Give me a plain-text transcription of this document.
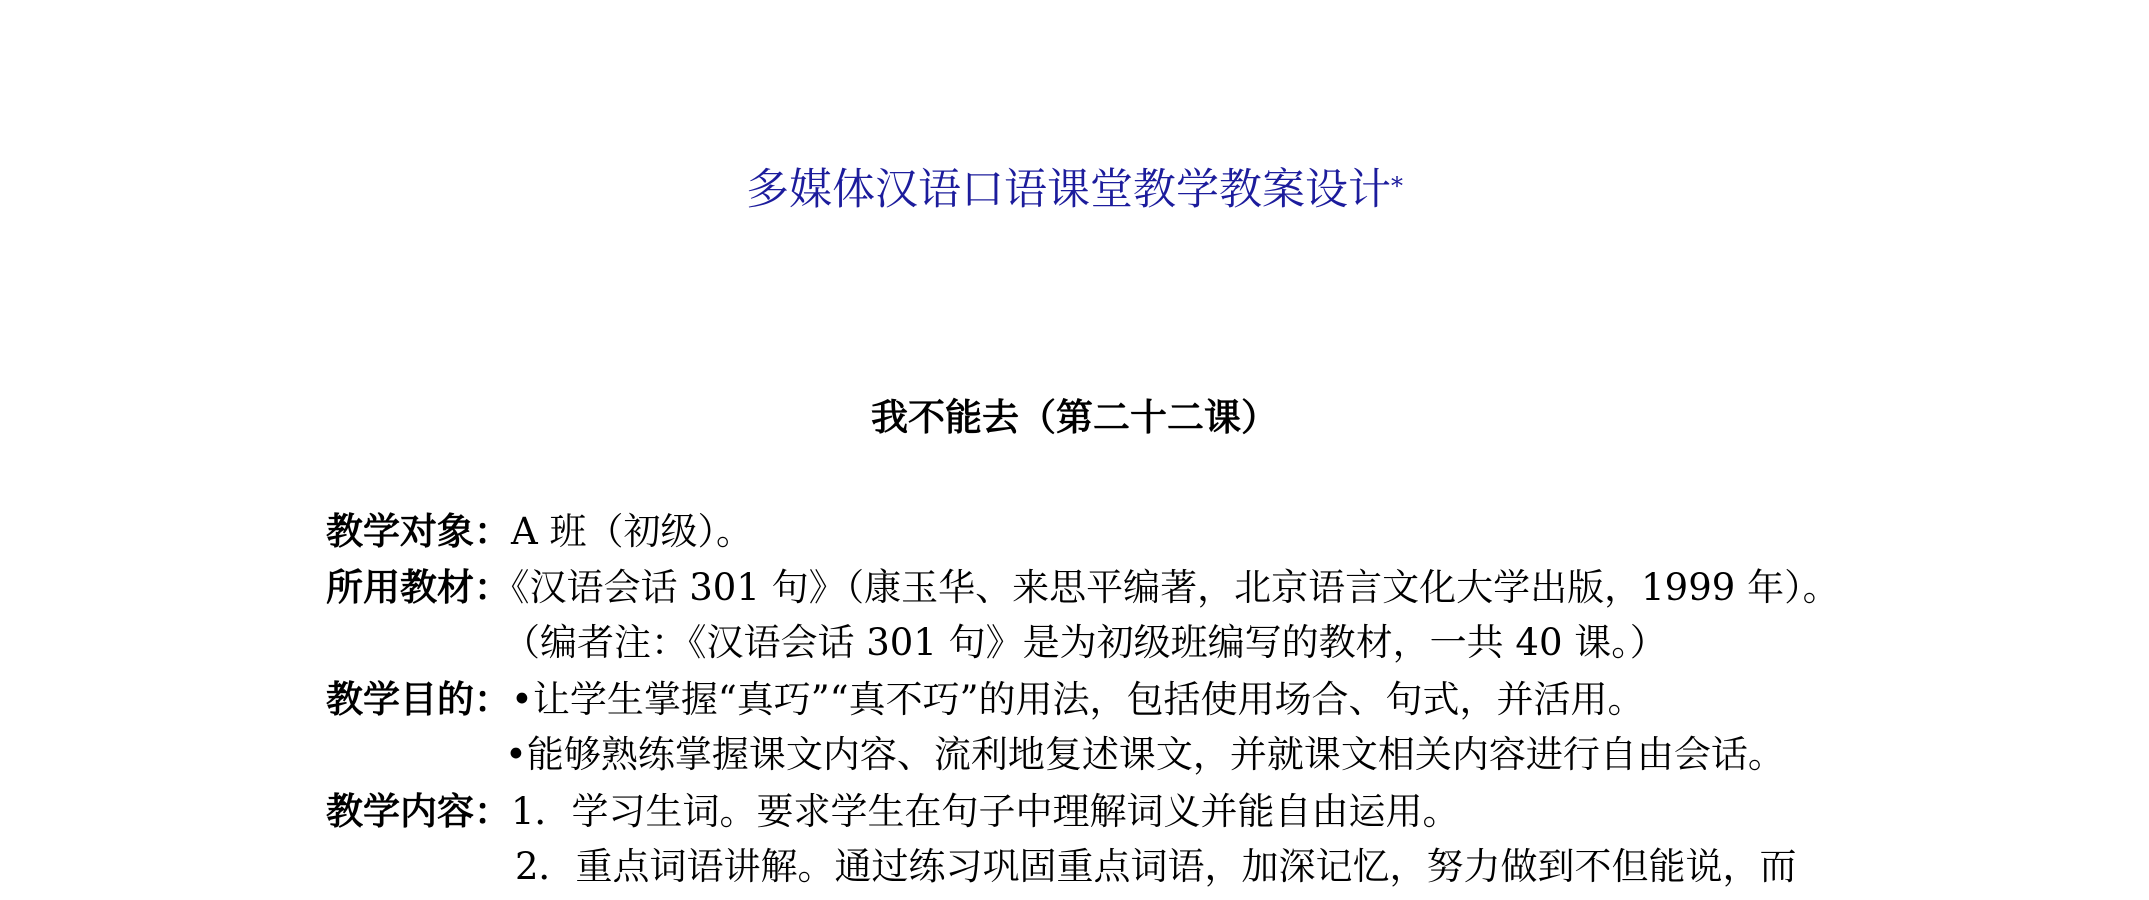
多媒体汉语口语课堂教学教案设计*
我不能去（第二十二课）
教学对象：A 班（初级）。
所用教材：《汉语会话 301 句》（康玉华、来思平编著，北京语言文化大学出版，1999 年）。
（编者注：《汉语会话 301 句》是为初级班编写的教材，一共 40 课。）
教学目的：•让学生掌握“真巧”“真不巧”的用法，包括使用场合、句式，并活用。
•能够熟练掌握课文内容、流利地复述课文，并就课文相关内容进行自由会话。
教学内容：1．学习生词。要求学生在句子中理解词义并能自由运用。
2．重点词语讲解。通过练习巩固重点词语，加深记忆，努力做到不但能说，而
